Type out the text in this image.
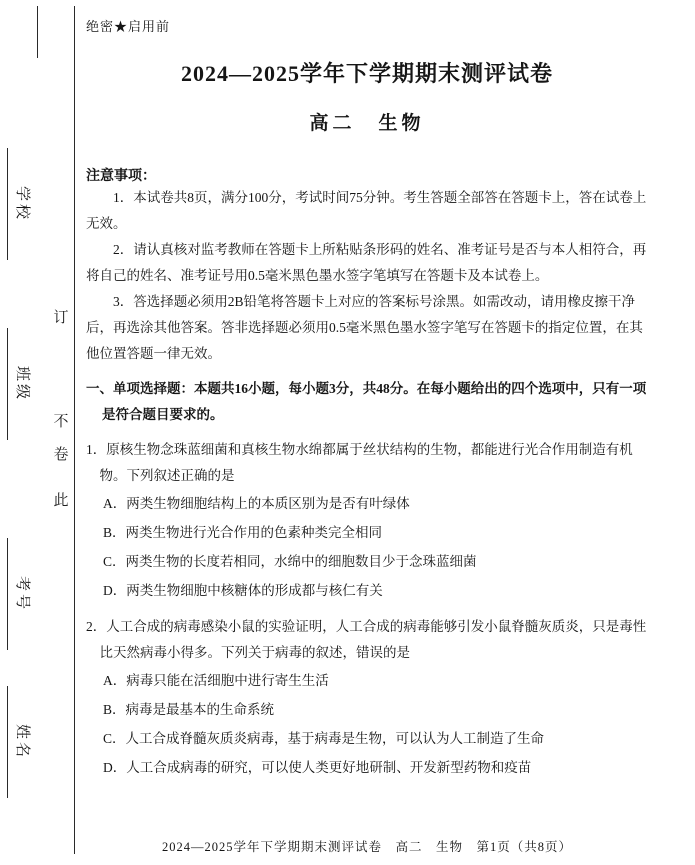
学校
班级
考号
姓名
订
不
卷
此
绝密★启用前
2024—2025学年下学期期末测评试卷
高二　生物
注意事项：

1．本试卷共8页，满分100分，考试时间75分钟。考生答题全部答在答题卡上，答在试卷上无效。

2．请认真核对监考教师在答题卡上所粘贴条形码的姓名、准考证号是否与本人相符合，再将自己的姓名、准考证号用0.5毫米黑色墨水签字笔填写在答题卡及本试卷上。

3．答选择题必须用2B铅笔将答题卡上对应的答案标号涂黑。如需改动，请用橡皮擦干净后，再选涂其他答案。答非选择题必须用0.5毫米黑色墨水签字笔写在答题卡的指定位置，在其他位置答题一律无效。

一、单项选择题：本题共16小题，每小题3分，共48分。在每小题给出的四个选项中，只有一项是符合题目要求的。

1．原核生物念珠蓝细菌和真核生物水绵都属于丝状结构的生物，都能进行光合作用制造有机物。下列叙述正确的是

A．两类生物细胞结构上的本质区别为是否有叶绿体

B．两类生物进行光合作用的色素种类完全相同

C．两类生物的长度若相同，水绵中的细胞数目少于念珠蓝细菌

D．两类生物细胞中核糖体的形成都与核仁有关

2．人工合成的病毒感染小鼠的实验证明，人工合成的病毒能够引发小鼠脊髓灰质炎，只是毒性比天然病毒小得多。下列关于病毒的叙述，错误的是

A．病毒只能在活细胞中进行寄生生活

B．病毒是最基本的生命系统

C．人工合成脊髓灰质炎病毒，基于病毒是生物，可以认为人工制造了生命

D．人工合成病毒的研究，可以使人类更好地研制、开发新型药物和疫苗

2024—2025学年下学期期末测评试卷　高二　生物　第1页（共8页）
